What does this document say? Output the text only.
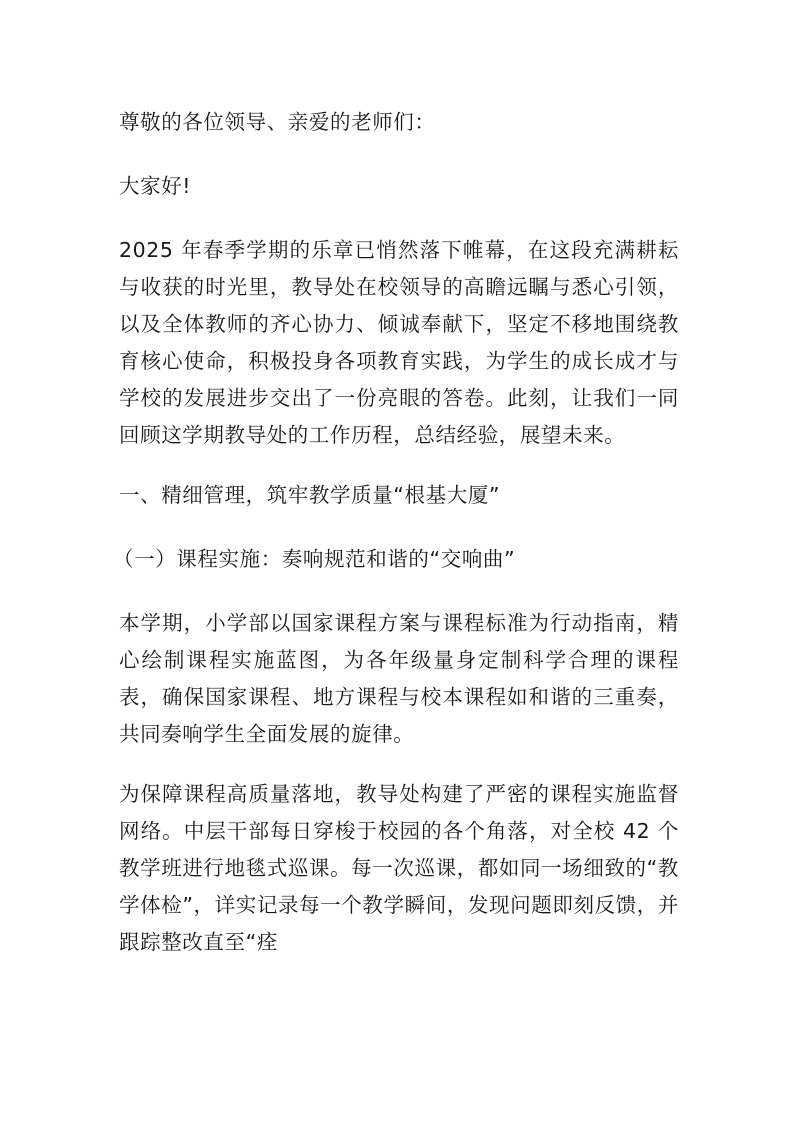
尊敬的各位领导、亲爱的老师们：

大家好!

2025 年春季学期的乐章已悄然落下帷幕，在这段充满耕耘与收获的时光里，教导处在校领导的高瞻远瞩与悉心引领，以及全体教师的齐心协力、倾诚奉献下，坚定不移地围绕教育核心使命，积极投身各项教育实践，为学生的成长成才与学校的发展进步交出了一份亮眼的答卷。此刻，让我们一同回顾这学期教导处的工作历程，总结经验，展望未来。

一、精细管理，筑牢教学质量“根基大厦”

（一）课程实施：奏响规范和谐的“交响曲”

本学期，小学部以国家课程方案与课程标准为行动指南，精心绘制课程实施蓝图，为各年级量身定制科学合理的课程表，确保国家课程、地方课程与校本课程如和谐的三重奏，共同奏响学生全面发展的旋律。

为保障课程高质量落地，教导处构建了严密的课程实施监督网络。中层干部每日穿梭于校园的各个角落，对全校 42 个教学班进行地毯式巡课。每一次巡课，都如同一场细致的“教学体检”，详实记录每一个教学瞬间，发现问题即刻反馈，并跟踪整改直至“痊
